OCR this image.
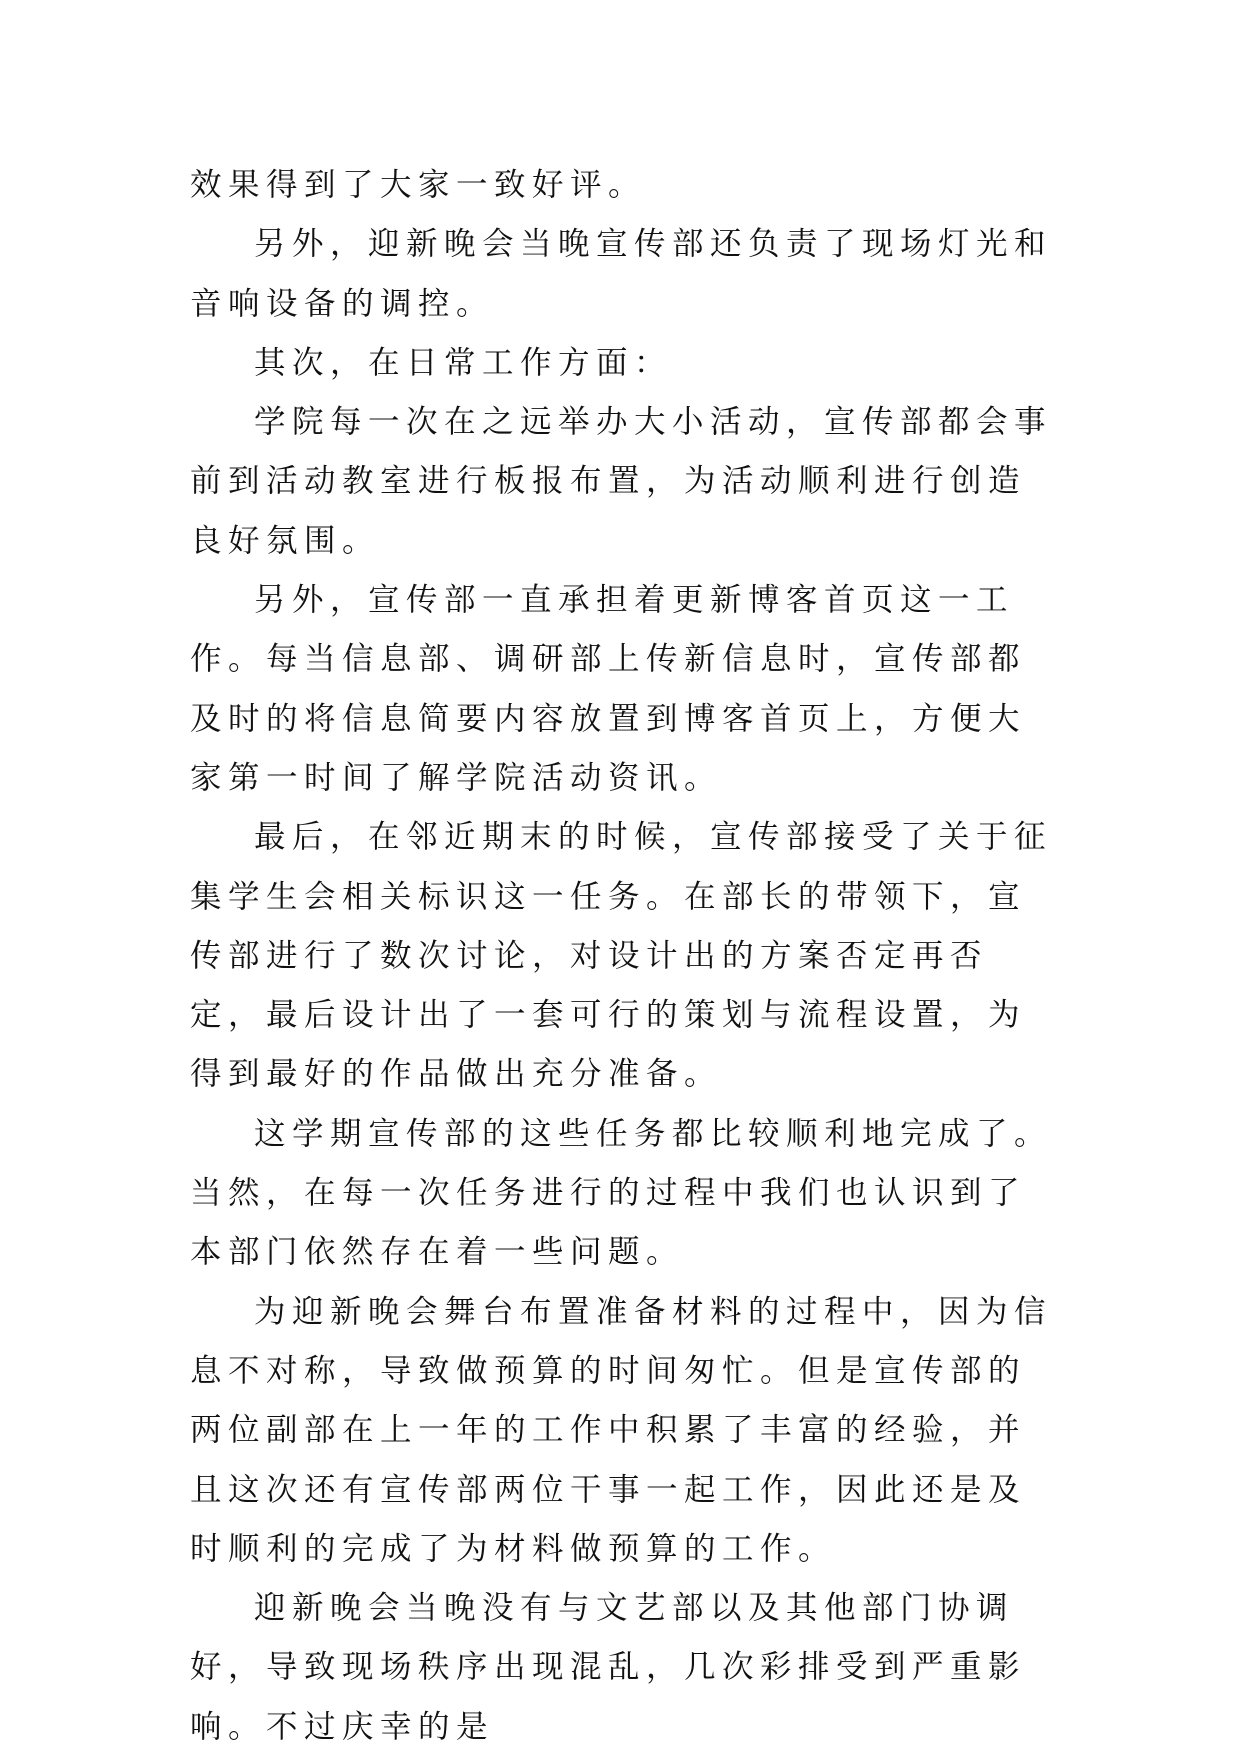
效果得到了大家一致好评。

另外，迎新晚会当晚宣传部还负责了现场灯光和音响设备的调控。

其次，在日常工作方面：

学院每一次在之远举办大小活动，宣传部都会事前到活动教室进行板报布置，为活动顺利进行创造良好氛围。

另外，宣传部一直承担着更新博客首页这一工作。每当信息部、调研部上传新信息时，宣传部都及时的将信息简要内容放置到博客首页上，方便大家第一时间了解学院活动资讯。

最后，在邻近期末的时候，宣传部接受了关于征集学生会相关标识这一任务。在部长的带领下，宣传部进行了数次讨论，对设计出的方案否定再否定，最后设计出了一套可行的策划与流程设置，为得到最好的作品做出充分准备。

这学期宣传部的这些任务都比较顺利地完成了。当然，在每一次任务进行的过程中我们也认识到了本部门依然存在着一些问题。

为迎新晚会舞台布置准备材料的过程中，因为信息不对称，导致做预算的时间匆忙。但是宣传部的两位副部在上一年的工作中积累了丰富的经验，并且这次还有宣传部两位干事一起工作，因此还是及时顺利的完成了为材料做预算的工作。

迎新晚会当晚没有与文艺部以及其他部门协调好，导致现场秩序出现混乱，几次彩排受到严重影响。不过庆幸的是
